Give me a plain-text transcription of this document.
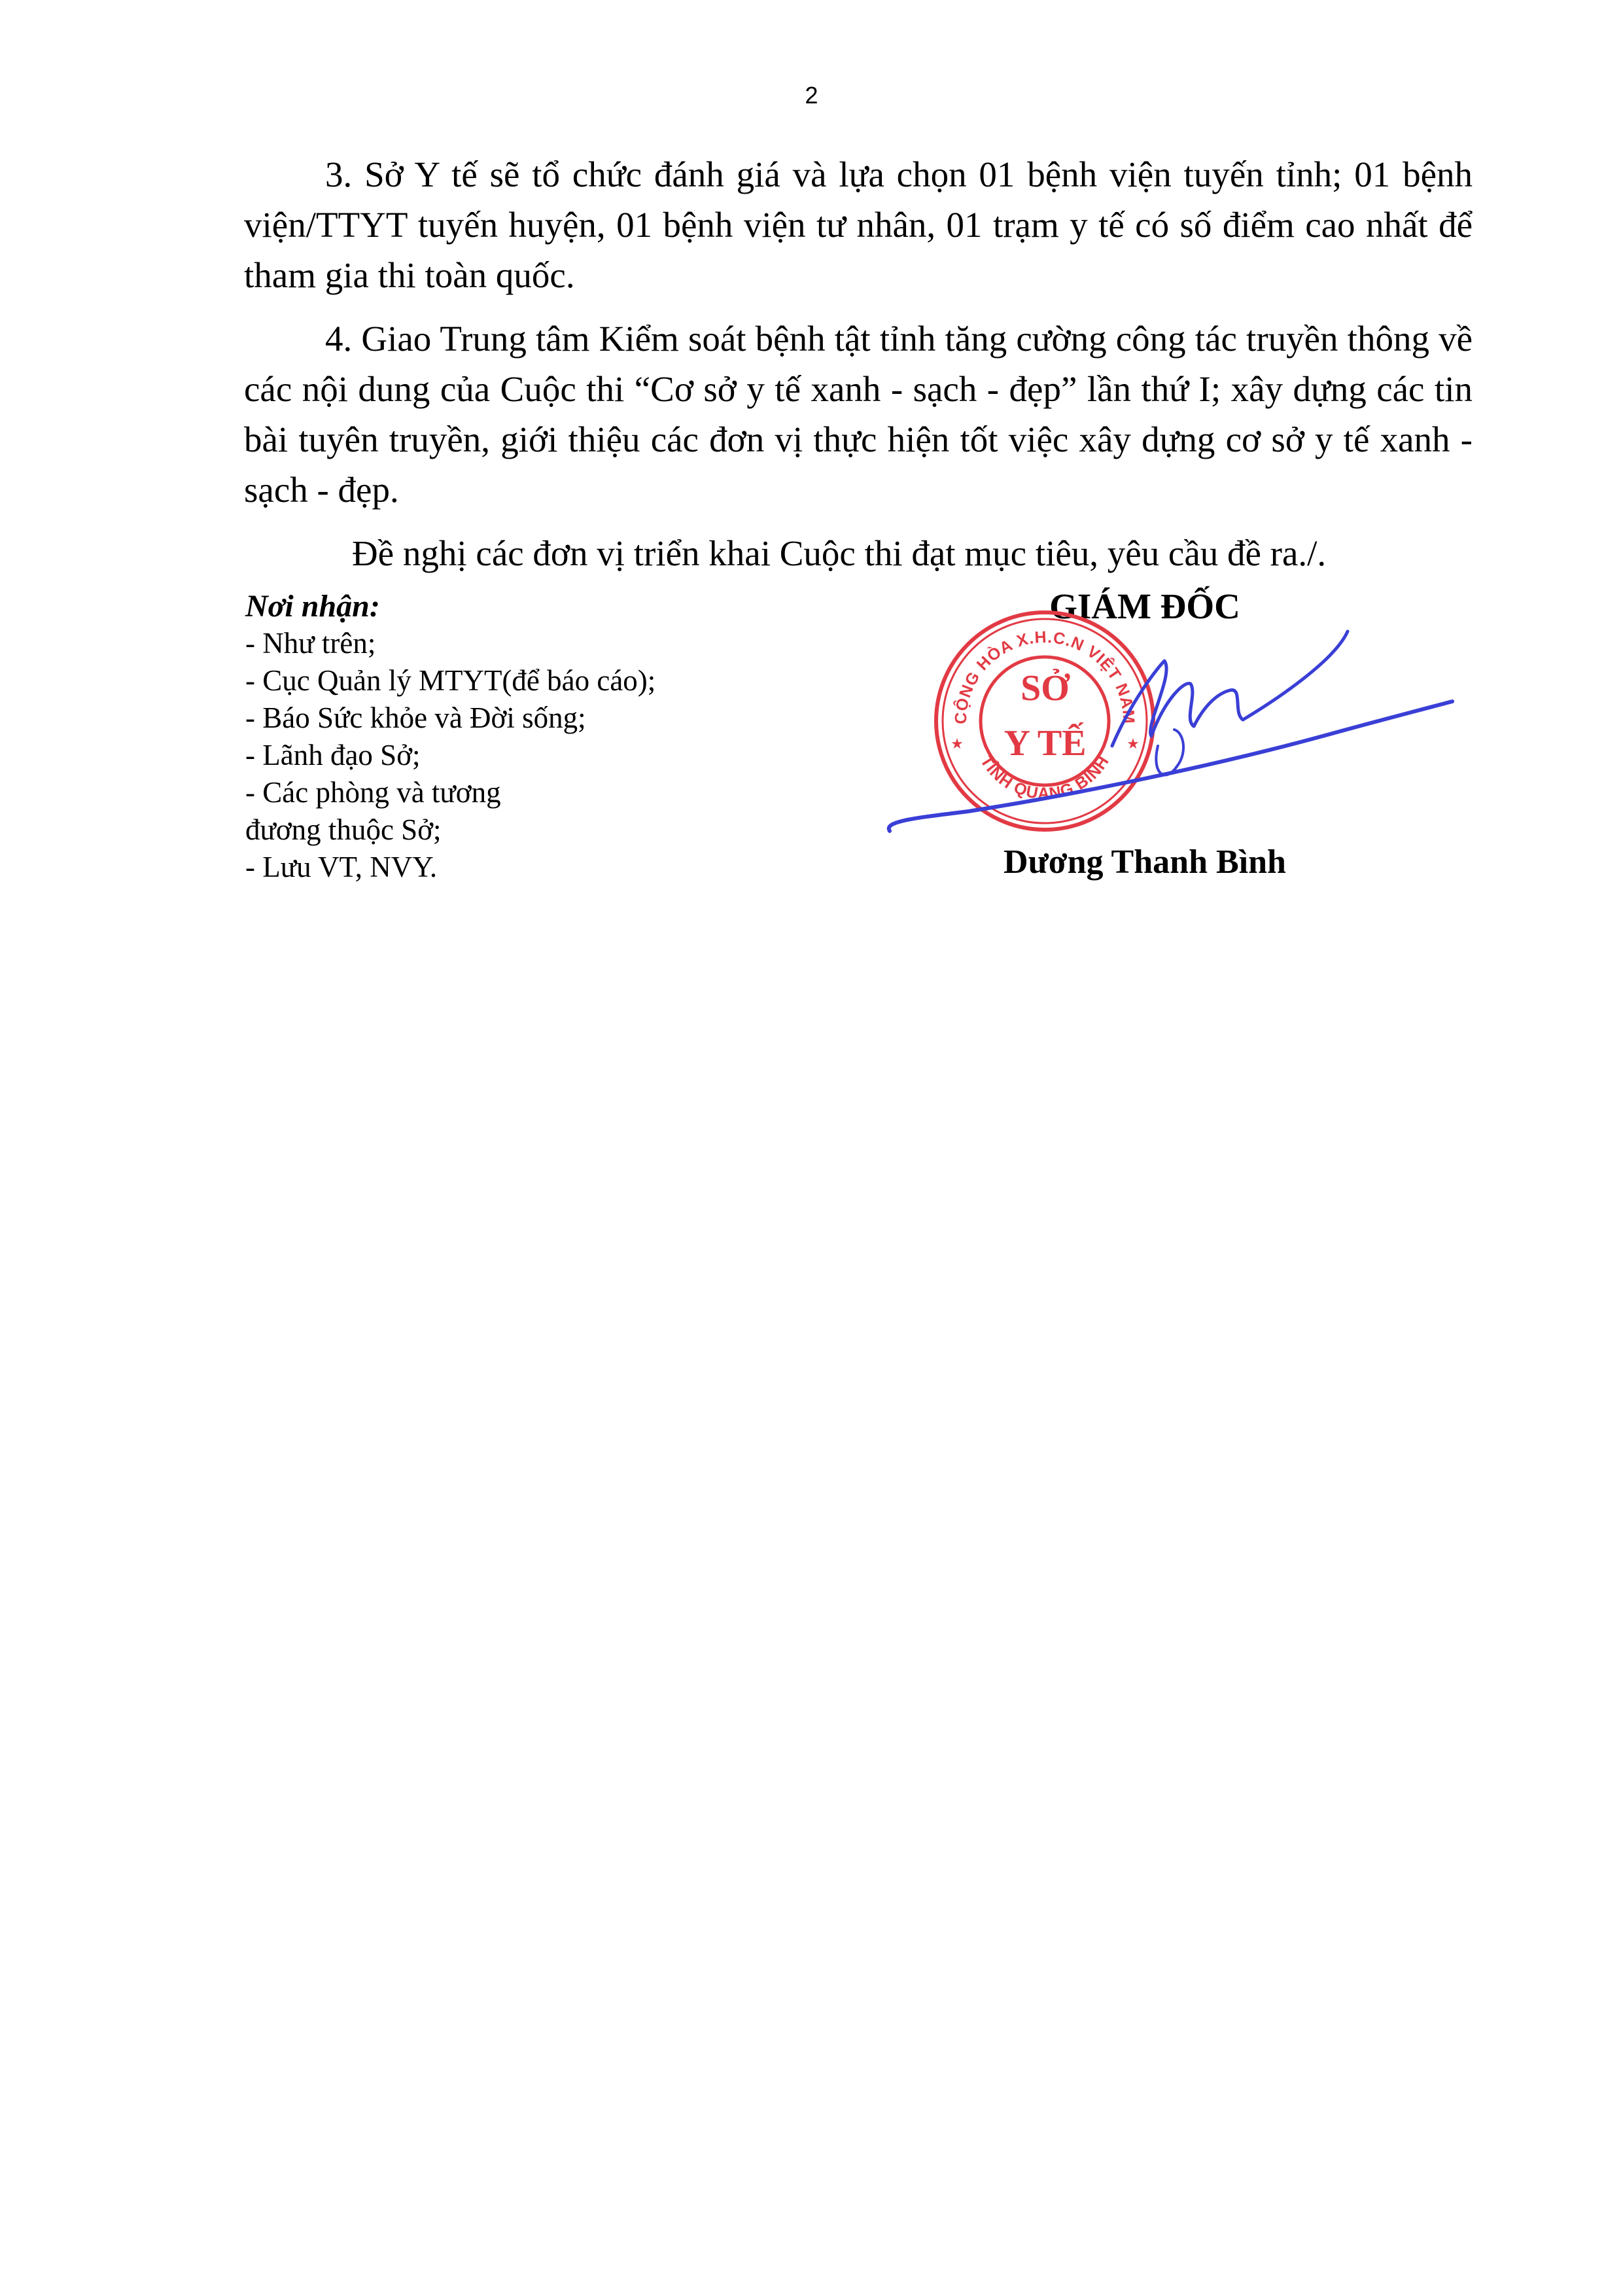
2

3. Sở Y tế sẽ tổ chức đánh giá và lựa chọn 01 bệnh viện tuyến tỉnh; 01 bệnh viện/TTYT tuyến huyện, 01 bệnh viện tư nhân, 01 trạm y tế có số điểm cao nhất để tham gia thi toàn quốc.

4. Giao Trung tâm Kiểm soát bệnh tật tỉnh tăng cường công tác truyền thông về các nội dung của Cuộc thi “Cơ sở y tế xanh - sạch - đẹp” lần thứ I; xây dựng các tin bài tuyên truyền, giới thiệu các đơn vị thực hiện tốt việc xây dựng cơ sở y tế xanh - sạch - đẹp.

Đề nghị các đơn vị triển khai Cuộc thi đạt mục tiêu, yêu cầu đề ra./.

Nơi nhận:
- Như trên;
- Cục Quản lý MTYT(để báo cáo);
- Báo Sức khỏe và Đời sống;
- Lãnh đạo Sở;
- Các phòng và tương
đương thuộc Sở;
- Lưu VT, NVY.
GIÁM ĐỐC
Dương Thanh Bình
CỘNG HÒA X.H.C.N VIỆT NAM
TỈNH QUẢNG BÌNH
★	★
SỞ
Y TẾ
